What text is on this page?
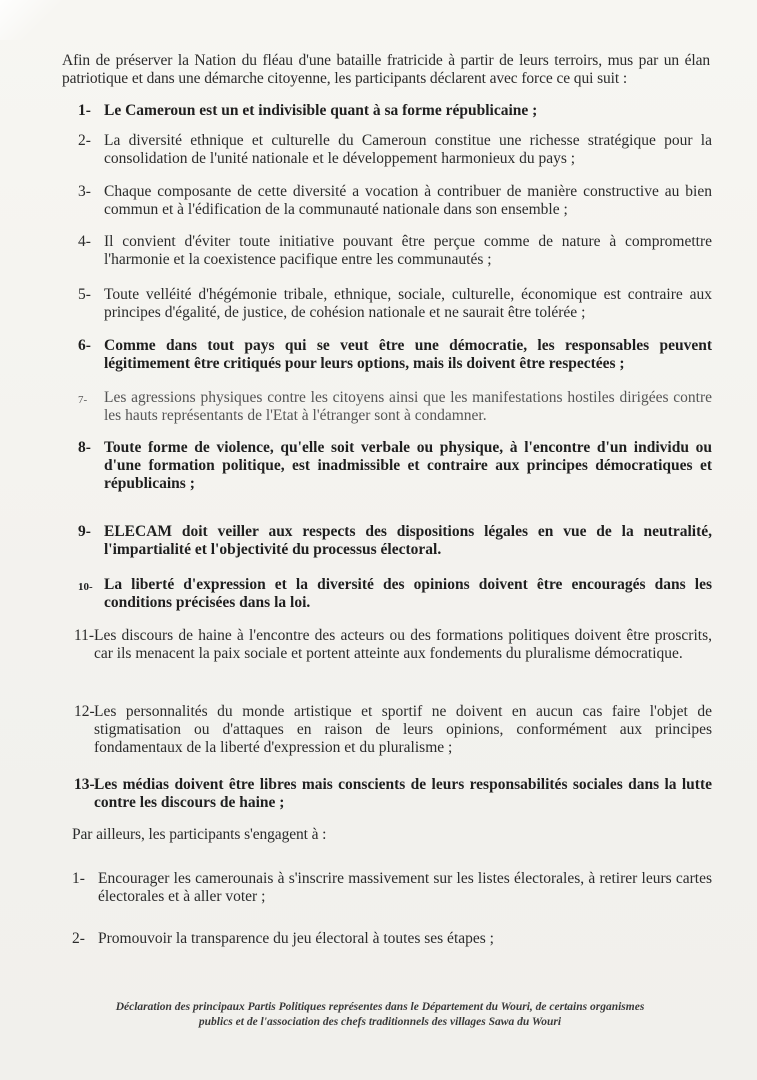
Afin de préserver la Nation du fléau d'une bataille fratricide à partir de leurs terroirs, mus par un élan patriotique et dans une démarche citoyenne, les participants déclarent avec force ce qui suit :
1- Le Cameroun est un et indivisible quant à sa forme républicaine ;
2- La diversité ethnique et culturelle du Cameroun constitue une richesse stratégique pour la consolidation de l'unité nationale et le développement harmonieux du pays ;
3- Chaque composante de cette diversité a vocation à contribuer de manière constructive au bien commun et à l'édification de la communauté nationale dans son ensemble ;
4- Il convient d'éviter toute initiative pouvant être perçue comme de nature à compromettre l'harmonie et la coexistence pacifique entre les communautés ;
5- Toute velléité d'hégémonie tribale, ethnique, sociale, culturelle, économique est contraire aux principes d'égalité, de justice, de cohésion nationale et ne saurait être tolérée ;
6- Comme dans tout pays qui se veut être une démocratie, les responsables peuvent légitimement être critiqués pour leurs options, mais ils doivent être respectées ;
7-	Les agressions physiques contre les citoyens ainsi que les manifestations hostiles dirigées contre les hauts représentants de l'Etat à l'étranger sont à condamner.
8- Toute forme de violence, qu'elle soit verbale ou physique, à l'encontre d'un individu ou d'une formation politique, est inadmissible et contraire aux principes démocratiques et républicains ;
9- ELECAM doit veiller aux respects des dispositions légales en vue de la neutralité, l'impartialité et l'objectivité du processus électoral.
10- La liberté d'expression et la diversité des opinions doivent être encouragés dans les conditions précisées dans la loi.
11- Les discours de haine à l'encontre des acteurs ou des formations politiques doivent être proscrits, car ils menacent la paix sociale et portent atteinte aux fondements du pluralisme démocratique.
12- Les personnalités du monde artistique et sportif ne doivent en aucun cas faire l'objet de stigmatisation ou d'attaques en raison de leurs opinions, conformément aux principes fondamentaux de la liberté d'expression et du pluralisme ;
13- Les médias doivent être libres mais conscients de leurs responsabilités sociales dans la lutte contre les discours de haine ;
Par ailleurs, les participants s'engagent à :
1- Encourager les camerounais à s'inscrire massivement sur les listes électorales, à retirer leurs cartes électorales et à aller voter ;
2- Promouvoir la transparence du jeu électoral à toutes ses étapes ;
Déclaration des principaux Partis Politiques représentes dans le Département du Wouri, de certains organismes
publics et de l'association des chefs traditionnels des villages Sawa du Wouri
